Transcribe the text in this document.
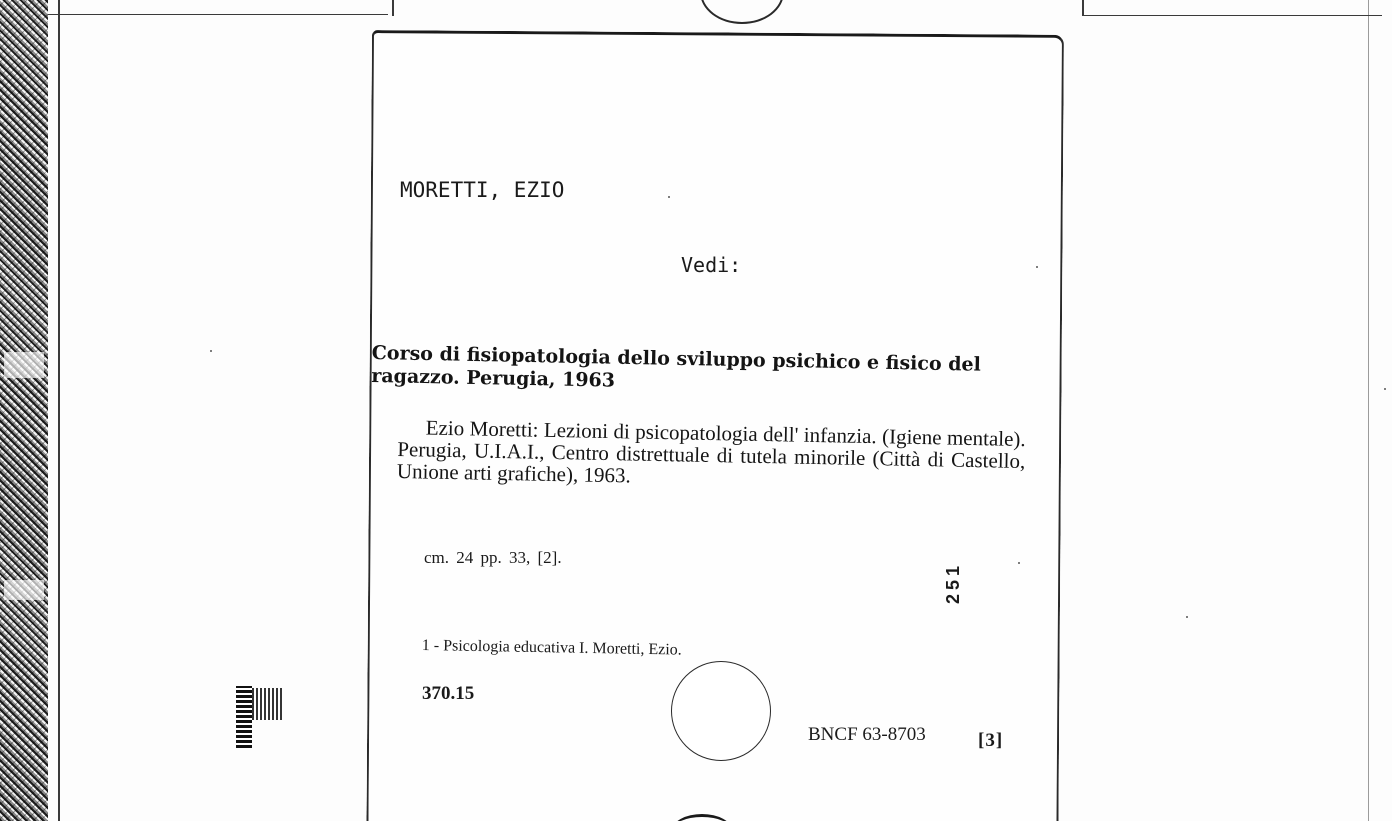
MORETTI, EZIO
Vedi:
Corso di fisiopatologia dello sviluppo psichico e fisico del ragazzo. Perugia, 1963

Ezio Moretti: Lezioni di psicopatologia dell' infanzia. (Igiene mentale). Perugia, U.I.A.I., Centro distrettuale di tutela minorile (Città di Castello, Unione arti grafiche), 1963.

cm. 24 pp. 33, [2].
251
1 - Psicologia educativa I. Moretti, Ezio.
370.15
BNCF 63-8703	[3]
